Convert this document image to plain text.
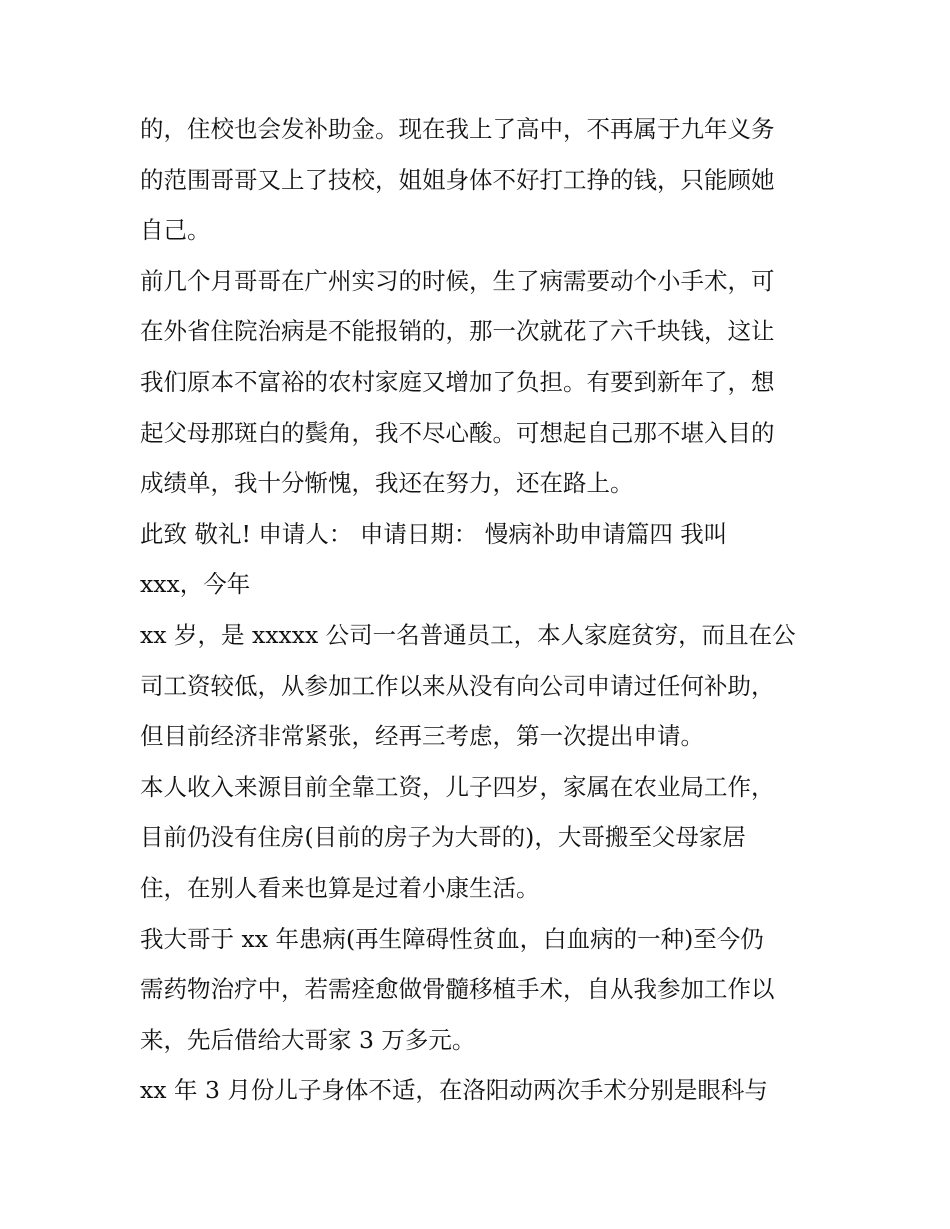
的，住校也会发补助金。现在我上了高中，不再属于九年义务
的范围哥哥又上了技校，姐姐身体不好打工挣的钱，只能顾她
自己。
前几个月哥哥在广州实习的时候，生了病需要动个小手术，可
在外省住院治病是不能报销的，那一次就花了六千块钱，这让
我们原本不富裕的农村家庭又增加了负担。有要到新年了，想
起父母那斑白的鬓角，我不尽心酸。可想起自己那不堪入目的
成绩单，我十分惭愧，我还在努力，还在路上。
此致 敬礼! 申请人： 申请日期： 慢病补助申请篇四 我叫
xxx，今年
xx 岁，是 xxxxx 公司一名普通员工，本人家庭贫穷，而且在公
司工资较低，从参加工作以来从没有向公司申请过任何补助，
但目前经济非常紧张，经再三考虑，第一次提出申请。
本人收入来源目前全靠工资，儿子四岁，家属在农业局工作，
目前仍没有住房(目前的房子为大哥的)，大哥搬至父母家居
住，在别人看来也算是过着小康生活。
我大哥于 xx 年患病(再生障碍性贫血，白血病的一种)至今仍
需药物治疗中，若需痊愈做骨髓移植手术，自从我参加工作以
来，先后借给大哥家 3 万多元。
xx 年 3 月份儿子身体不适，在洛阳动两次手术分别是眼科与
